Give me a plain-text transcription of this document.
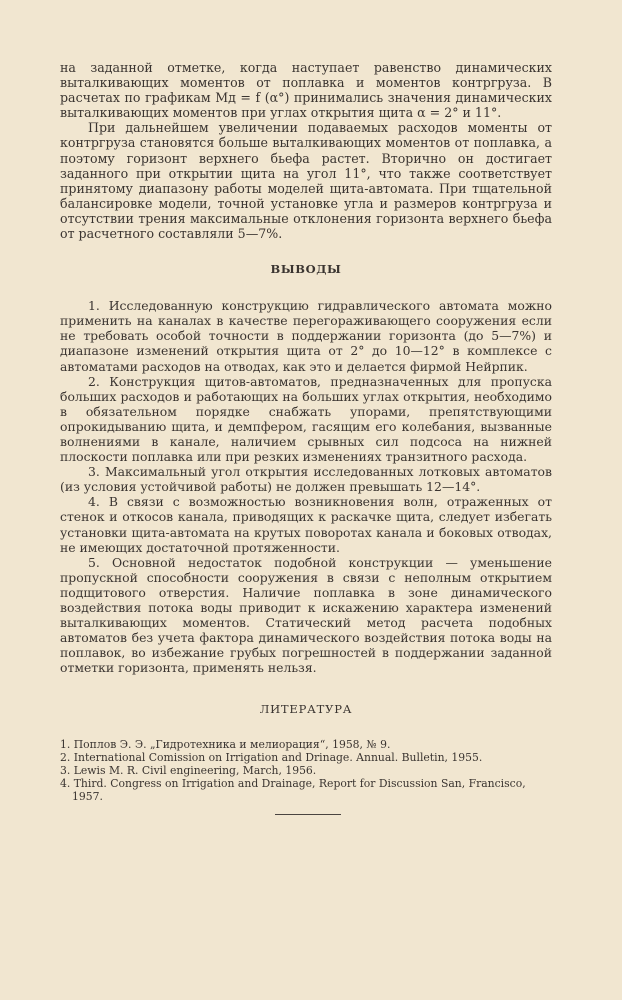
на заданной отметке, когда наступает равенство динамических выталкивающих моментов от поплавка и моментов контргруза. В расчетах по графикам Mд = f (α°) принимались значения динамических выталкивающих моментов при углах открытия щита α = 2° и 11°.

При дальнейшем увеличении подаваемых расходов моменты от контргруза становятся больше выталкивающих моментов от поплавка, а поэтому горизонт верхнего бьефа растет. Вторично он достигает заданного при открытии щита на угол 11°, что также соответствует принятому диапазону работы моделей щита-автомата. При тщательной балансировке модели, точной установке угла и размеров контргруза и отсутствии трения максимальные отклонения горизонта верхнего бьефа от расчетного составляли 5—7%.

ВЫВОДЫ

1. Исследованную конструкцию гидравлического автомата можно применить на каналах в качестве перегораживающего сооружения если не требовать особой точности в поддержании горизонта (до 5—7%) и диапазоне изменений открытия щита от 2° до 10—12° в комплексе с автоматами расходов на отводах, как это и делается фирмой Нейрпик.

2. Конструкция щитов-автоматов, предназначенных для пропуска больших расходов и работающих на больших углах открытия, необходимо в обязательном порядке снабжать упорами, препятствующими опрокидыванию щита, и демпфером, гасящим его колебания, вызванные волнениями в канале, наличием срывных сил подсоса на нижней плоскости поплавка или при резких изменениях транзитного расхода.

3. Максимальный угол открытия исследованных лотковых автоматов (из условия устойчивой работы) не должен превышать 12—14°.

4. В связи с возможностью возникновения волн, отраженных от стенок и откосов канала, приводящих к раскачке щита, следует избегать установки щита-автомата на крутых поворотах канала и боковых отводах, не имеющих достаточной протяженности.

5. Основной недостаток подобной конструкции — уменьшение пропускной способности сооружения в связи с неполным открытием подщитового отверстия. Наличие поплавка в зоне динамического воздействия потока воды приводит к искажению характера изменений выталкивающих моментов. Статический метод расчета подобных автоматов без учета фактора динамического воздействия потока воды на поплавок, во избежание грубых погрешностей в поддержании заданной отметки горизонта, применять нельзя.

ЛИТЕРАТУРА
1. Поплов Э. Э. „Гидротехника и мелиорация“, 1958, № 9.
2. International Comission on Irrigation and Drinage. Annual. Bulletin, 1955.
3. Lewis M. R. Civil engineering, March, 1956.
4. Third. Congress on Irrigation and Drainage, Report for Discussion San, Francisco, 1957.
